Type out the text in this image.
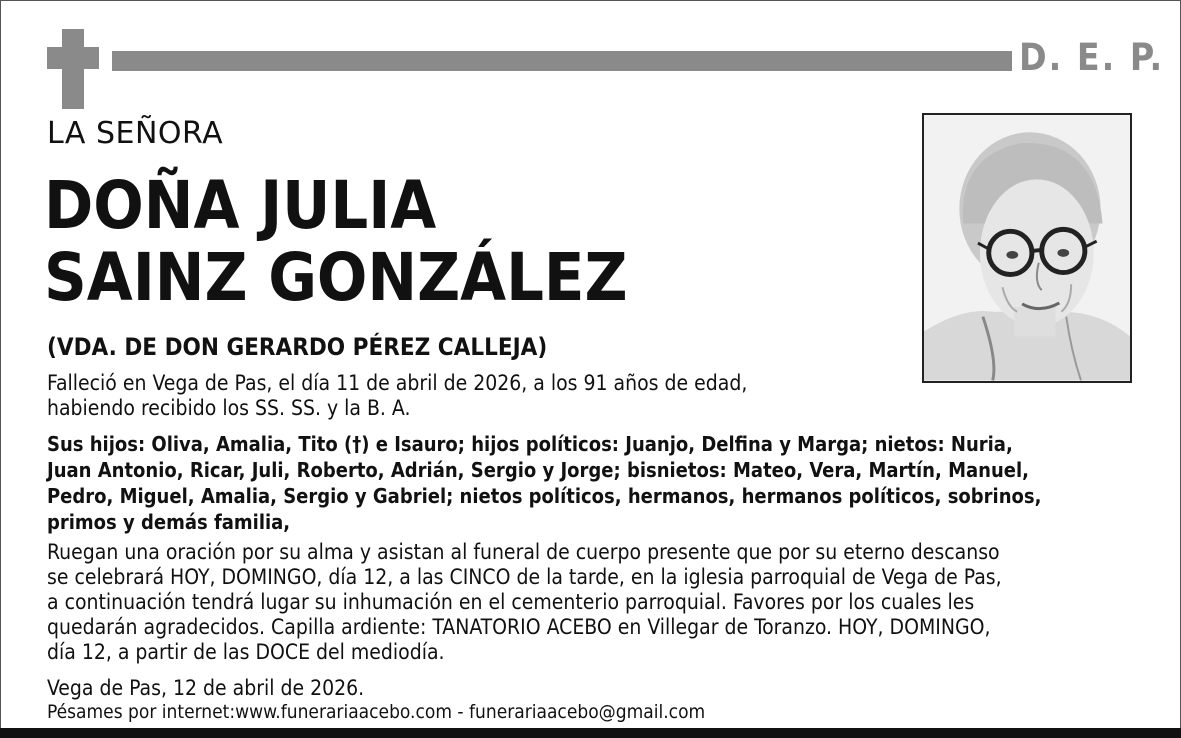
D. E. P.
LA SEÑORA
DOÑA JULIA
SAINZ GONZÁLEZ
(VDA. DE DON GERARDO PÉREZ CALLEJA)
Falleció en Vega de Pas, el día 11 de abril de 2026, a los 91 años de edad,
habiendo recibido los SS. SS. y la B. A.
Sus hijos: Oliva, Amalia, Tito (†) e Isauro; hijos políticos: Juanjo, Delfina y Marga; nietos: Nuria,
Juan Antonio, Ricar, Juli, Roberto, Adrián, Sergio y Jorge; bisnietos: Mateo, Vera, Martín, Manuel,
Pedro, Miguel, Amalia, Sergio y Gabriel; nietos políticos, hermanos, hermanos políticos, sobrinos,
primos y demás familia,
Ruegan una oración por su alma y asistan al funeral de cuerpo presente que por su eterno descanso
se celebrará HOY, DOMINGO, día 12, a las CINCO de la tarde, en la iglesia parroquial de Vega de Pas,
a continuación tendrá lugar su inhumación en el cementerio parroquial. Favores por los cuales les
quedarán agradecidos. Capilla ardiente: TANATORIO ACEBO en Villegar de Toranzo. HOY, DOMINGO,
día 12, a partir de las DOCE del mediodía.
Vega de Pas, 12 de abril de 2026.
Pésames por internet:www.funerariaacebo.com - funerariaacebo@gmail.com
